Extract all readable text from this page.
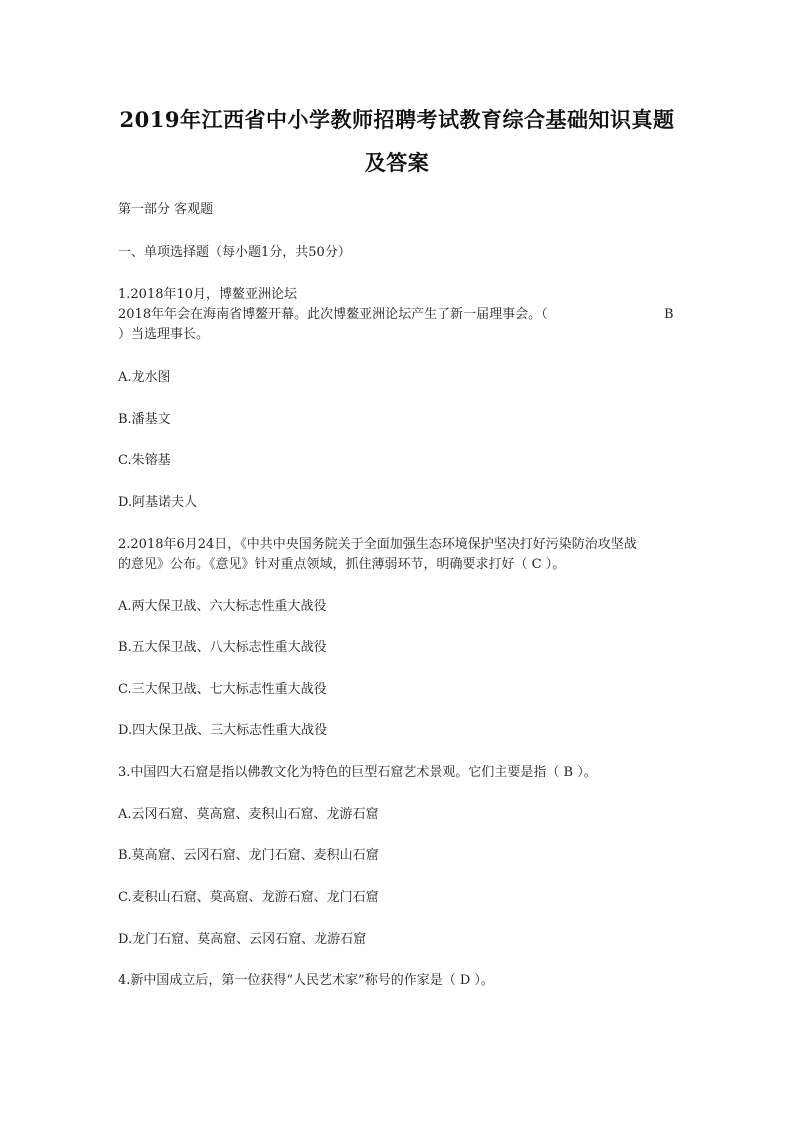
2019年江西省中小学教师招聘考试教育综合基础知识真题
及答案
第一部分 客观题
一、单项选择题（每小题1分，共50分）
1.2018年10月，博鳌亚洲论坛
2018年年会在海南省博鳌开幕。此次博鳌亚洲论坛产生了新一届理事会。（	B
）当选理事长。
A.龙水图
B.潘基文
C.朱镕基
D.阿基诺夫人
2.2018年6月24日，《中共中央国务院关于全面加强生态环境保护坚决打好污染防治攻坚战
的意见》公布。《意见》针对重点领域，抓住薄弱环节，明确要求打好（ C ）。
A.两大保卫战、六大标志性重大战役
B.五大保卫战、八大标志性重大战役
C.三大保卫战、七大标志性重大战役
D.四大保卫战、三大标志性重大战役
3.中国四大石窟是指以佛教文化为特色的巨型石窟艺术景观。它们主要是指（ B ）。
A.云冈石窟、莫高窟、麦积山石窟、龙游石窟
B.莫高窟、云冈石窟、龙门石窟、麦积山石窟
C.麦积山石窟、莫高窟、龙游石窟、龙门石窟
D.龙门石窟、莫高窟、云冈石窟、龙游石窟
4.新中国成立后，第一位获得“人民艺术家”称号的作家是（ D ）。
